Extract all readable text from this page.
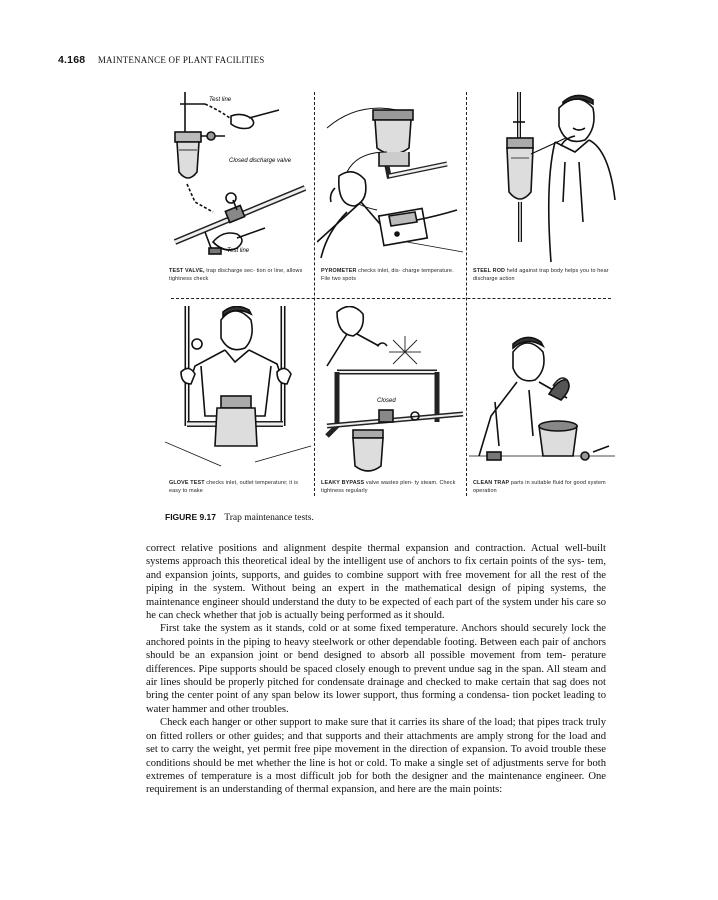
4.168 MAINTENANCE OF PLANT FACILITIES
Test line
Closed discharge valve
Test line
TEST VALVE, trap discharge sec- tion or line, allows tightness check
PYROMETER checks inlet, dis- charge temperature. File two spots
STEEL ROD held against trap body helps you to hear discharge action
GLOVE TEST checks inlet, outlet temperature; it is easy to make
Closed
LEAKY BYPASS valve wastes plen- ty steam. Check tightness regularly
CLEAN TRAP parts in suitable fluid for good system operation
FIGURE 9.17 Trap maintenance tests.

correct relative positions and alignment despite thermal expansion and contraction. Actual well-built systems approach this theoretical ideal by the intelligent use of anchors to fix certain points of the sys- tem, and expansion joints, supports, and guides to combine support with free movement for all the rest of the piping in the system. Without being an expert in the mathematical design of piping systems, the maintenance engineer should understand the duty to be expected of each part of the system under his care so he can check whether that job is actually being performed as it should.

First take the system as it stands, cold or at some fixed temperature. Anchors should securely lock the anchored points in the piping to heavy steelwork or other dependable footing. Between each pair of anchors should be an expansion joint or bend designed to absorb all possible movement from tem- perature differences. Pipe supports should be spaced closely enough to prevent undue sag in the span. All steam and air lines should be properly pitched for condensate drainage and checked to make certain that sag does not bring the center point of any span below its lower support, thus forming a condensa- tion pocket leading to water hammer and other troubles.

Check each hanger or other support to make sure that it carries its share of the load; that pipes track truly on fitted rollers or other guides; and that supports and their attachments are amply strong for the load and set to carry the weight, yet permit free pipe movement in the direction of expansion. To avoid trouble these conditions should be met whether the line is hot or cold. To make a single set of adjustments serve for both extremes of temperature is a most difficult job for both the designer and the maintenance engineer. One requirement is an understanding of thermal expansion, and here are the main points:
